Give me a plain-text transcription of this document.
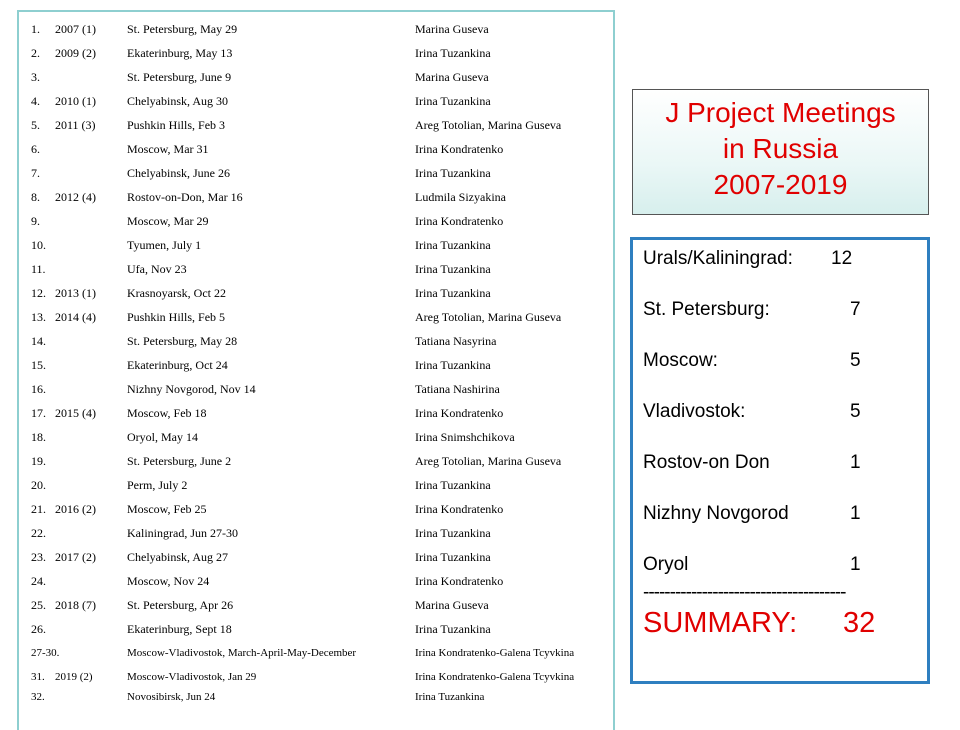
1. 2007 (1)	St. Petersburg, May 29	Marina Guseva
2. 2009 (2)	Ekaterinburg, May 13	Irina Tuzankina
3.	St. Petersburg, June 9	Marina Guseva
4. 2010 (1)	Chelyabinsk, Aug 30	Irina Tuzankina
5. 2011 (3)	Pushkin Hills, Feb 3	Areg Totolian, Marina Guseva
6.	Moscow, Mar 31	Irina Kondratenko
7.	Chelyabinsk, June 26	Irina Tuzankina
8. 2012 (4)	Rostov-on-Don, Mar 16	Ludmila Sizyakina
9.	Moscow, Mar 29	Irina Kondratenko
10.	Tyumen, July 1	Irina Tuzankina
11.	Ufa, Nov 23	Irina Tuzankina
12. 2013 (1)	Krasnoyarsk, Oct 22	Irina Tuzankina
13. 2014 (4)	Pushkin Hills, Feb 5	Areg Totolian, Marina Guseva
14.	St. Petersburg, May 28	Tatiana Nasyrina
15.	Ekaterinburg, Oct 24	Irina Tuzankina
16.	Nizhny Novgorod, Nov 14	Tatiana Nashirina
17. 2015 (4)	Moscow, Feb 18	Irina Kondratenko
18.	Oryol, May 14	Irina Snimshchikova
19.	St. Petersburg, June 2	Areg Totolian, Marina Guseva
20.	Perm, July 2	Irina Tuzankina
21. 2016 (2)	Moscow, Feb 25	Irina Kondratenko
22.	Kaliningrad, Jun 27-30	Irina Tuzankina
23. 2017 (2)	Chelyabinsk, Aug 27	Irina Tuzankina
24.	Moscow, Nov 24	Irina Kondratenko
25. 2018 (7)	St. Petersburg, Apr 26	Marina Guseva
26.	Ekaterinburg, Sept 18	Irina Tuzankina
27-30.	Moscow-Vladivostok, March-April-May-December	Irina Kondratenko-Galena Tcyvkina
31. 2019 (2)	Moscow-Vladivostok, Jan 29	Irina Kondratenko-Galena Tcyvkina
32.	Novosibirsk, Jun 24	Irina Tuzankina
J Project Meetings
in Russia
2007-2019
--------------------------------------
SUMMARY: 32
Urals/Kaliningrad: 12
St. Petersburg:	7
Moscow:	5
Vladivostok:	5
Rostov-on Don	1
Nizhny Novgorod	1
Oryol	1
